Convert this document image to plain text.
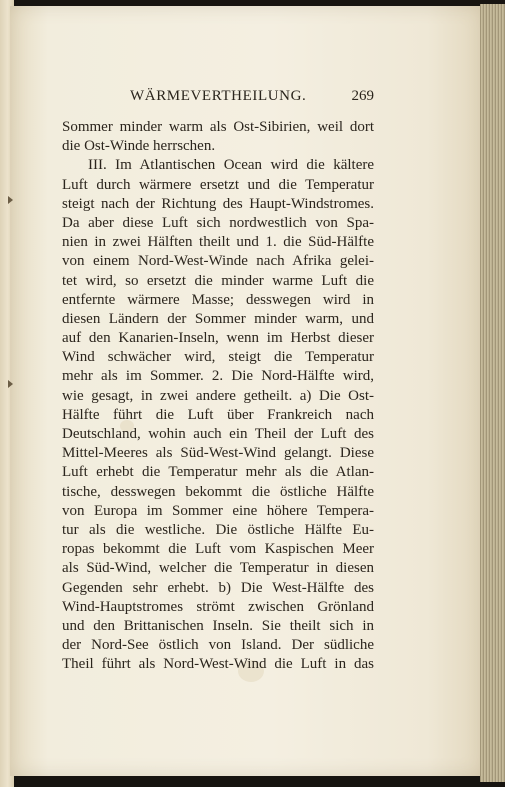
WÄRMEVERTHEILUNG.	269
Sommer minder warm als Ost-Sibirien, weil dort
die Ost-Winde herrschen.
III. Im Atlantischen Ocean wird die kältere
Luft durch wärmere ersetzt und die Temperatur
steigt nach der Richtung des Haupt-Windstromes.
Da aber diese Luft sich nordwestlich von Spa-
nien in zwei Hälften theilt und 1. die Süd-Hälfte
von einem Nord-West-Winde nach Afrika gelei-
tet wird, so ersetzt die minder warme Luft die
entfernte wärmere Masse; desswegen wird in
diesen Ländern der Sommer minder warm, und
auf den Kanarien-Inseln, wenn im Herbst dieser
Wind schwächer wird, steigt die Temperatur
mehr als im Sommer. 2. Die Nord-Hälfte wird,
wie gesagt, in zwei andere getheilt. a) Die Ost-
Hälfte führt die Luft über Frankreich nach
Deutschland, wohin auch ein Theil der Luft des
Mittel-Meeres als Süd-West-Wind gelangt. Diese
Luft erhebt die Temperatur mehr als die Atlan-
tische, desswegen bekommt die östliche Hälfte
von Europa im Sommer eine höhere Tempera-
tur als die westliche. Die östliche Hälfte Eu-
ropas bekommt die Luft vom Kaspischen Meer
als Süd-Wind, welcher die Temperatur in diesen
Gegenden sehr erhebt. b) Die West-Hälfte des
Wind-Hauptstromes strömt zwischen Grönland
und den Brittanischen Inseln. Sie theilt sich in
der Nord-See östlich von Island. Der südliche
Theil führt als Nord-West-Wind die Luft in das
